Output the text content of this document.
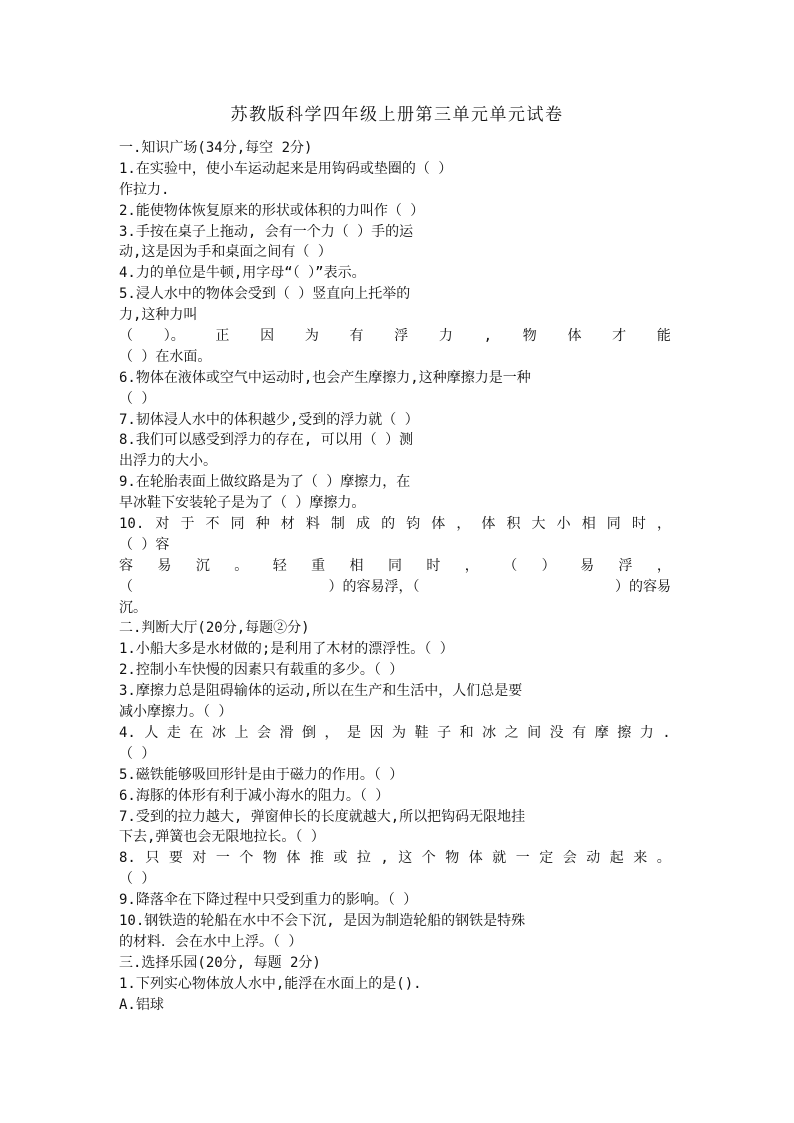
苏教版科学四年级上册第三单元单元试卷
一.知识广场(34分,每空 2分)
1.在实验中，使小车运动起来是用钩码或垫圈的（ ）
作拉力.
2.能使物体恢复原来的形状或体积的力叫作（ ）
3.手按在桌子上拖动, 会有一个力（ ）手的运
动,这是因为手和桌面之间有（ ）
4.力的单位是牛顿,用字母“（ ）”表示。
5.浸人水中的物体会受到（ ）竖直向上托举的
力,这种力叫
（ ）。 正 因 为 有 浮 力 , 物 体 才 能
（ ）在水面。
6.物体在液体或空气中运动时,也会产生摩擦力,这种摩擦力是一种
（ ）
7.韧体浸人水中的体积越少,受到的浮力就（ ）
8.我们可以感受到浮力的存在, 可以用（ ）测
出浮力的大小。
9.在轮胎表面上做纹路是为了（ ）摩擦力，在
早冰鞋下安装轮子是为了（ ）摩擦力。
10. 对 于 不 同 种 材 料 制 成 的 钧 体 ， 体 积 大 小 相 同 时 ，
（ ）容
容 易 沉 。 轻 重 相 同 时 ， （ ） 易 浮 ，
（	）的容易浮，（	）的容易
沉。
二.判断大厅(20分,每题②分)
1.小船大多是水材做的;是利用了木材的漂浮性。（ ）
2.控制小车快慢的因素只有载重的多少。（ ）
3.摩擦力总是阻碍输体的运动,所以在生产和生活中，人们总是要
减小摩擦力。（ ）
4. 人 走 在 冰 上 会 滑 倒 ， 是 因 为 鞋 子 和 冰 之 间 没 有 摩 擦 力 .
（ ）
5.磁铁能够吸回形针是由于磁力的作用。（ ）
6.海豚的体形有利于减小海水的阻力。（ ）
7.受到的拉力越大, 弹窗伸长的长度就越大,所以把钩码无限地挂
下去,弹簧也会无限地拉长。（ ）
8. 只 要 对 一 个 物 体 推 或 拉 , 这 个 物 体 就 一 定 会 动 起 来 。
（ ）
9.降落伞在下降过程中只受到重力的影响。（ ）
10.钢铁造的轮船在水中不会下沉, 是因为制造轮船的钢铁是特殊
的材料．会在水中上浮。（ ）
三.选择乐园(20分, 每题 2分)
1.下列实心物体放人水中,能浮在水面上的是().
A.铝球
